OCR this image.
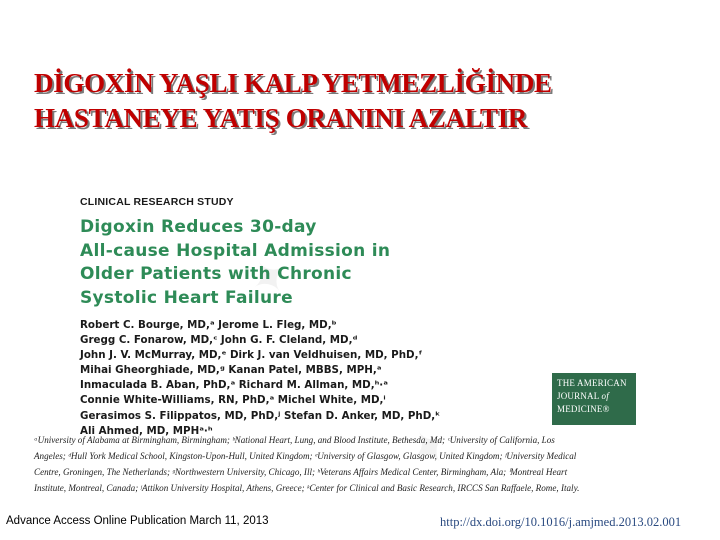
✦
✦
DİGOXİN YAŞLI KALP YETMEZLİĞİNDE
HASTANEYE YATIŞ ORANINI AZALTIR
CLINICAL RESEARCH STUDY
Digoxin Reduces 30-day
All-cause Hospital Admission in
Older Patients with Chronic
Systolic Heart Failure
Robert C. Bourge, MD,ᵃ Jerome L. Fleg, MD,ᵇ
Gregg C. Fonarow, MD,ᶜ John G. F. Cleland, MD,ᵈ
John J. V. McMurray, MD,ᵉ Dirk J. van Veldhuisen, MD, PhD,ᶠ
Mihai Gheorghiade, MD,ᵍ Kanan Patel, MBBS, MPH,ᵃ
Inmaculada B. Aban, PhD,ᵃ Richard M. Allman, MD,ʰ·ᵃ
Connie White-Williams, RN, PhD,ᵃ Michel White, MD,ⁱ
Gerasimos S. Filippatos, MD, PhD,ʲ Stefan D. Anker, MD, PhD,ᵏ
Ali Ahmed, MD, MPHᵃ·ʰ
THE AMERICAN
JOURNAL of
MEDICINE®
ᵃUniversity of Alabama at Birmingham, Birmingham; ᵇNational Heart, Lung, and Blood Institute, Bethesda, Md; ᶜUniversity of California, Los
Angeles; ᵈHull York Medical School, Kingston-Upon-Hull, United Kingdom; ᵉUniversity of Glasgow, Glasgow, United Kingdom; ᶠUniversity Medical
Centre, Groningen, The Netherlands; ᵍNorthwestern University, Chicago, Ill; ʰVeterans Affairs Medical Center, Birmingham, Ala; ⁱMontreal Heart
Institute, Montreal, Canada; ʲAttikon University Hospital, Athens, Greece; ᵏCenter for Clinical and Basic Research, IRCCS San Raffaele, Rome, Italy.
Advance Access Online Publication March 11, 2013	http://dx.doi.org/10.1016/j.amjmed.2013.02.001
